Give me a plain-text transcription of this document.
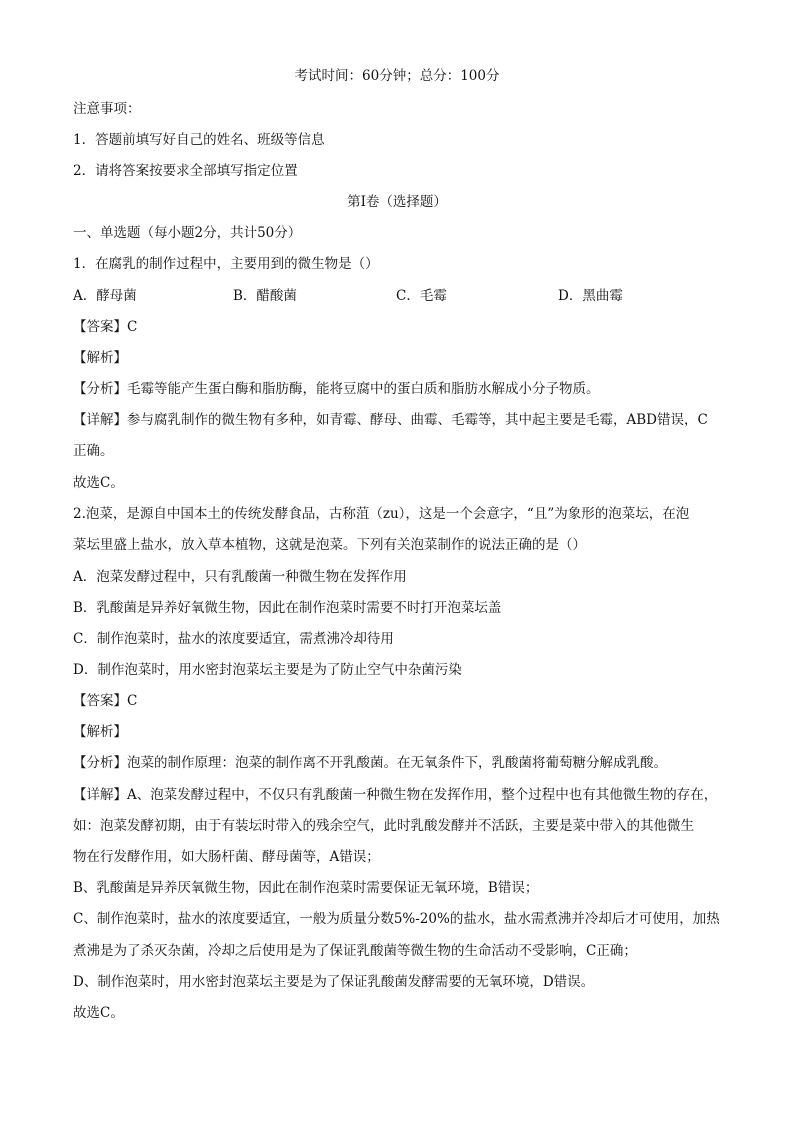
考试时间：60分钟；总分：100分
注意事项：
1．答题前填写好自己的姓名、班级等信息
2．请将答案按要求全部填写指定位置
第I卷（选择题）
一、单选题（每小题2分，共计50分）
1．在腐乳的制作过程中，主要用到的微生物是（）
A．酵母菌	B．醋酸菌	C．毛霉	D．黑曲霉
【答案】C
【解析】
【分析】毛霉等能产生蛋白酶和脂肪酶，能将豆腐中的蛋白质和脂肪水解成小分子物质。
【详解】参与腐乳制作的微生物有多种，如青霉、酵母、曲霉、毛霉等，其中起主要是毛霉，ABD错误，C
正确。
故选C。
2.泡菜，是源自中国本土的传统发酵食品，古称菹（zu），这是一个会意字，“且”为象形的泡菜坛，在泡
菜坛里盛上盐水，放入草本植物，这就是泡菜。下列有关泡菜制作的说法正确的是（）
A．泡菜发酵过程中，只有乳酸菌一种微生物在发挥作用
B．乳酸菌是异养好氧微生物，因此在制作泡菜时需要不时打开泡菜坛盖
C．制作泡菜时，盐水的浓度要适宜，需煮沸冷却待用
D．制作泡菜时，用水密封泡菜坛主要是为了防止空气中杂菌污染
【答案】C
【解析】
【分析】泡菜的制作原理：泡菜的制作离不开乳酸菌。在无氧条件下，乳酸菌将葡萄糖分解成乳酸。
【详解】A、泡菜发酵过程中，不仅只有乳酸菌一种微生物在发挥作用，整个过程中也有其他微生物的存在，
如：泡菜发酵初期，由于有装坛时带入的残余空气，此时乳酸发酵并不活跃，主要是菜中带入的其他微生
物在行发酵作用，如大肠杆菌、酵母菌等，A错误；
B、乳酸菌是异养厌氧微生物，因此在制作泡菜时需要保证无氧环境，B错误；
C、制作泡菜时，盐水的浓度要适宜，一般为质量分数5%-20%的盐水，盐水需煮沸并冷却后才可使用，加热
煮沸是为了杀灭杂菌，冷却之后使用是为了保证乳酸菌等微生物的生命活动不受影响，C正确；
D、制作泡菜时，用水密封泡菜坛主要是为了保证乳酸菌发酵需要的无氧环境，D错误。
故选C。
